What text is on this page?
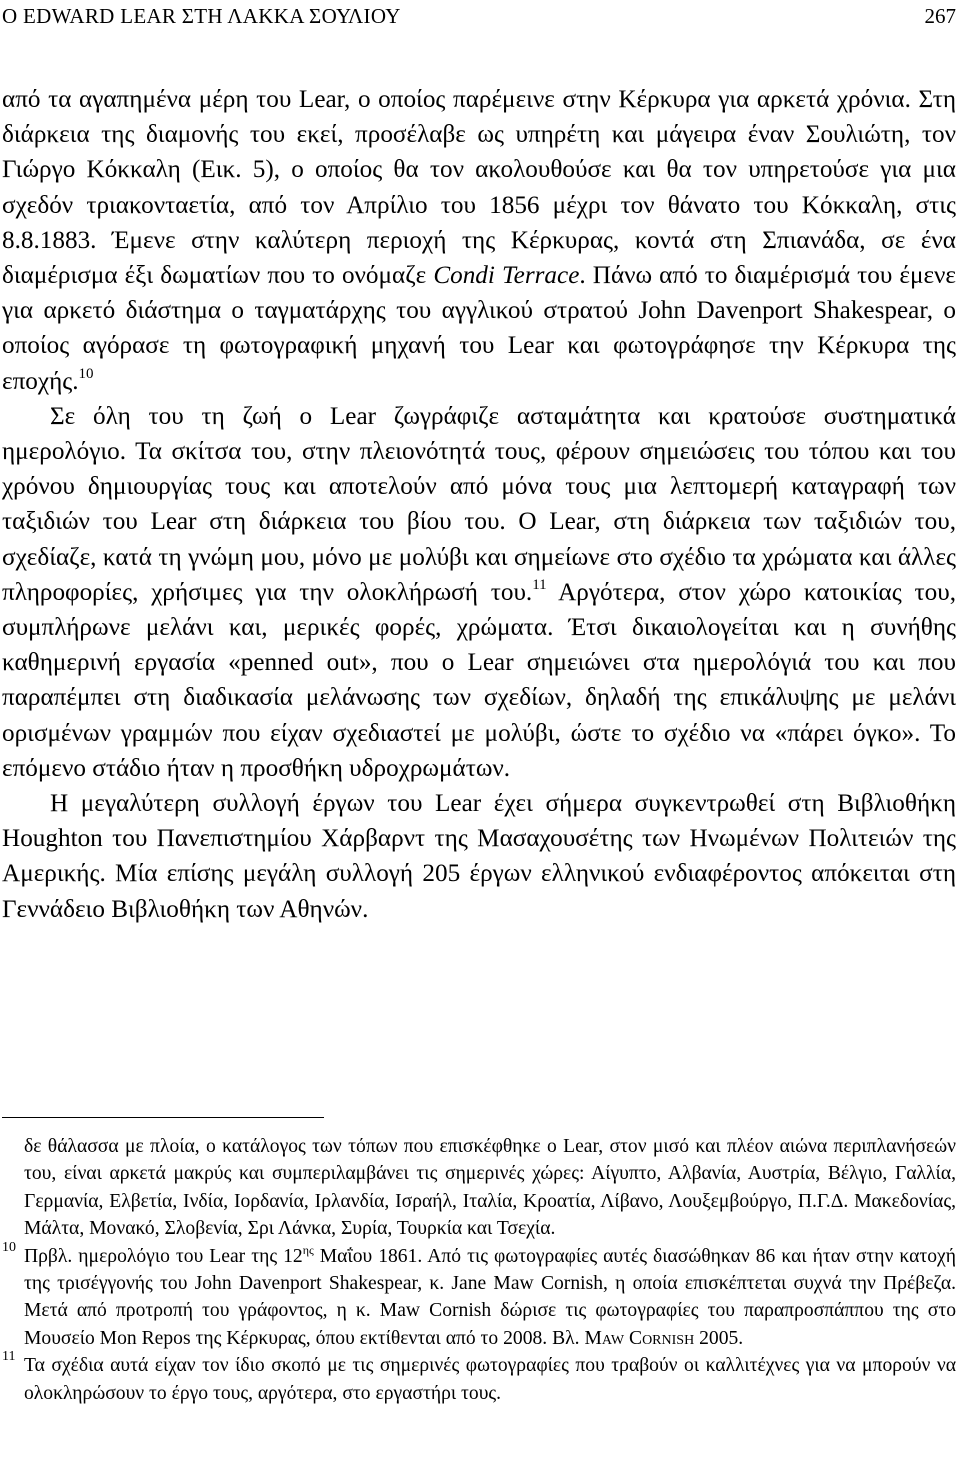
Ο EDWARD LEAR ΣΤΗ ΛΑΚΚΑ ΣΟΥΛΙΟΥ	267

από τα αγαπημένα μέρη του Lear, ο οποίος παρέμεινε στην Κέρκυρα για αρκετά χρόνια. Στη διάρκεια της διαμονής του εκεί, προσέλαβε ως υπηρέτη και μάγειρα έναν Σουλιώτη, τον Γιώργο Κόκκαλη (Εικ. 5), ο οποίος θα τον ακολουθούσε και θα τον υπηρετούσε για μια σχεδόν τριακονταετία, από τον Απρίλιο του 1856 μέχρι τον θάνατο του Κόκκαλη, στις 8.8.1883. Έμενε στην καλύτερη περιοχή της Κέρκυρας, κοντά στη Σπιανάδα, σε ένα διαμέρισμα έξι δωματίων που το ονόμαζε Condi Terrace. Πάνω από το διαμέρισμά του έμενε για αρκετό διάστημα ο ταγματάρχης του αγγλικού στρατού John Davenport Shakespear, ο οποίος αγόρασε τη φωτογραφική μηχανή του Lear και φωτογράφησε την Κέρκυρα της εποχής.$^{10}$

Σε όλη του τη ζωή ο Lear ζωγράφιζε ασταμάτητα και κρατούσε συστηματικά ημερολόγιο. Τα σκίτσα του, στην πλειονότητά τους, φέρουν σημειώσεις του τόπου και του χρόνου δημιουργίας τους και αποτελούν από μόνα τους μια λεπτομερή καταγραφή των ταξιδιών του Lear στη διάρκεια του βίου του. Ο Lear, στη διάρκεια των ταξιδιών του, σχεδίαζε, κατά τη γνώμη μου, μόνο με μολύβι και σημείωνε στο σχέδιο τα χρώματα και άλλες πληροφορίες, χρήσιμες για την ολοκλήρωσή του.$^{11}$ Αργότερα, στον χώρο κατοικίας του, συμπλήρωνε μελάνι και, μερικές φορές, χρώματα. Έτσι δικαιολογείται και η συνήθης καθημερινή εργασία «penned out», που ο Lear σημειώνει στα ημερολόγιά του και που παραπέμπει στη διαδικασία μελάνωσης των σχεδίων, δηλαδή της επικάλυψης με μελάνι ορισμένων γραμμών που είχαν σχεδιαστεί με μολύβι, ώστε το σχέδιο να «πάρει όγκο». Το επόμενο στάδιο ήταν η προσθήκη υδροχρωμάτων.

Η μεγαλύτερη συλλογή έργων του Lear έχει σήμερα συγκεντρωθεί στη Βιβλιοθήκη Houghton του Πανεπιστημίου Χάρβαρντ της Μασαχουσέτης των Ηνωμένων Πολιτειών της Αμερικής. Μία επίσης μεγάλη συλλογή 205 έργων ελληνικού ενδιαφέροντος απόκειται στη Γεννάδειο Βιβλιοθήκη των Αθηνών.

δε θάλασσα με πλοία, ο κατάλογος των τόπων που επισκέφθηκε ο Lear, στον μισό και πλέον αιώνα περιπλανήσεών του, είναι αρκετά μακρύς και συμπεριλαμβάνει τις σημερινές χώρες: Αίγυπτο, Αλβανία, Αυστρία, Βέλγιο, Γαλλία, Γερμανία, Ελβετία, Ινδία, Ιορδανία, Ιρλανδία, Ισραήλ, Ιταλία, Κροατία, Λίβανο, Λουξεμβούργο, Π.Γ.Δ. Μακεδονίας, Μάλτα, Μονακό, Σλοβενία, Σρι Λάνκα, Συρία, Τουρκία και Τσεχία.

10 Πρβλ. ημερολόγιο του Lear της $12^{\eta\varsigma}$ Μαΐου 1861. Από τις φωτογραφίες αυτές διασώθηκαν 86 και ήταν στην κατοχή της τρισέγγονής του John Davenport Shakespear, κ. Jane Maw Cornish, η οποία επισκέπτεται συχνά την Πρέβεζα. Μετά από προτροπή του γράφοντος, η κ. Maw Cornish δώρισε τις φωτογραφίες του παραπροσπάππου της στο Μουσείο Mon Repos της Κέρκυρας, όπου εκτίθενται από το 2008. Βλ. Maw Cornish 2005.

11 Τα σχέδια αυτά είχαν τον ίδιο σκοπό με τις σημερινές φωτογραφίες που τραβούν οι καλλιτέχνες για να μπορούν να ολοκληρώσουν το έργο τους, αργότερα, στο εργαστήρι τους.
